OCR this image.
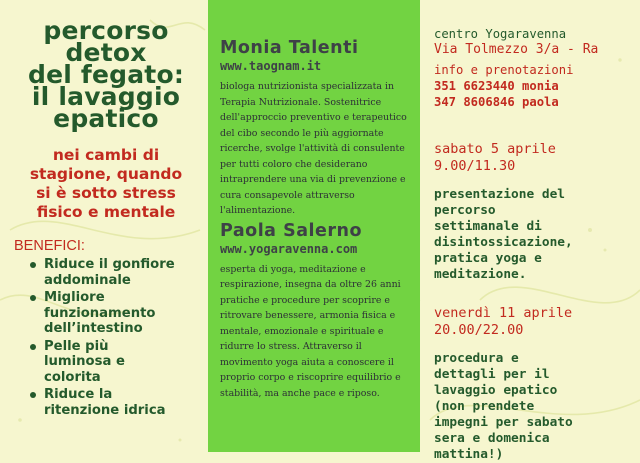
percorso
detox
del fegato:
il lavaggio
epatico

nei cambi di
stagione, quando
si è sotto stress
fisico e mentale

BENEFICI:
Riduce il gonfiore
addominale
Migliore
funzionamento
dell’intestino
Pelle più
luminosa e
colorita
Riduce la
ritenzione idrica
Monia Talenti
www.taognam.it

biologa nutrizionista specializzata in Terapia Nutrizionale. Sostenitrice dell'approccio preventivo e terapeutico del cibo secondo le più aggiornate ricerche, svolge l'attività di consulente per tutti coloro che desiderano intraprendere una via di prevenzione e cura consapevole attraverso l'alimentazione.

Paola Salerno
www.yogaravenna.com

esperta di yoga, meditazione e respirazione, insegna da oltre 26 anni pratiche e procedure per scoprire e ritrovare benessere, armonia fisica e mentale, emozionale e spirituale e ridurre lo stress. Attraverso il movimento yoga aiuta a conoscere il proprio corpo e riscoprire equilibrio e stabilità, ma anche pace e riposo.

centro Yogaravenna

Via Tolmezzo 3/a - Ra

info e prenotazioni

351 6623440 monia

347 8606846 paola

sabato 5 aprile

9.00/11.30

presentazione del
percorso
settimanale di
disintossicazione,
pratica yoga e
meditazione.

venerdì 11 aprile

20.00/22.00

procedura e
dettagli per il
lavaggio epatico
(non prendete
impegni per sabato
sera e domenica
mattina!)
